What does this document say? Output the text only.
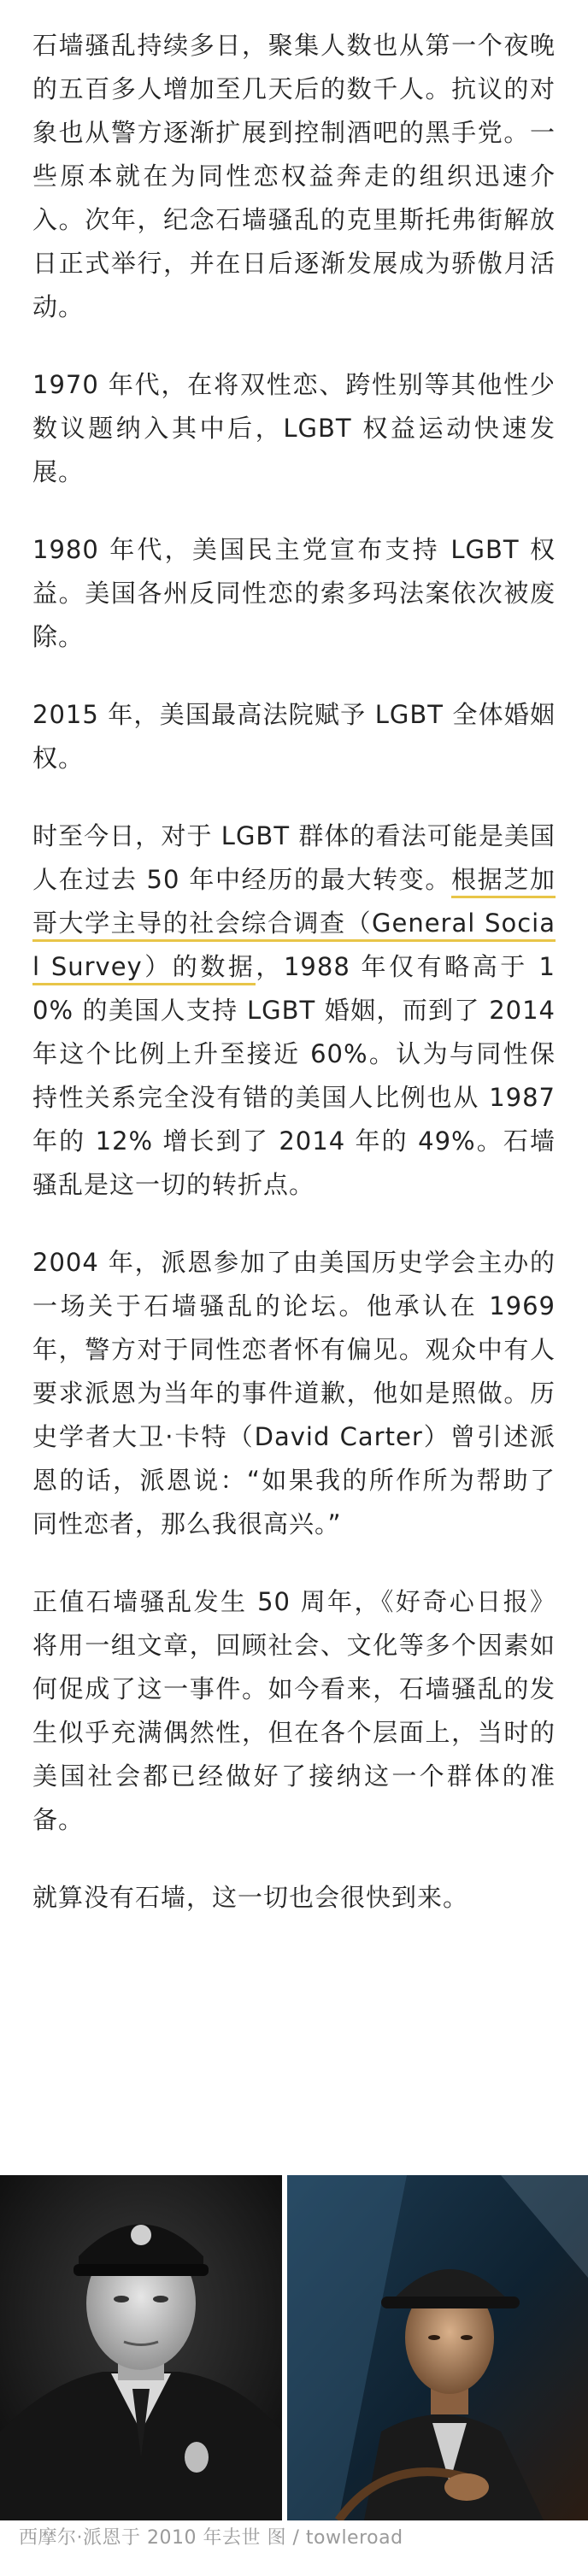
石墙骚乱持续多日，聚集人数也从第一个夜晚的五百多人增加至几天后的数千人。抗议的对象也从警方逐渐扩展到控制酒吧的黑手党。一些原本就在为同性恋权益奔走的组织迅速介入。次年，纪念石墙骚乱的克里斯托弗街解放日正式举行，并在日后逐渐发展成为骄傲月活动。

1970 年代，在将双性恋、跨性别等其他性少数议题纳入其中后，LGBT 权益运动快速发展。

1980 年代，美国民主党宣布支持 LGBT 权益。美国各州反同性恋的索多玛法案依次被废除。

2015 年，美国最高法院赋予 LGBT 全体婚姻权。

时至今日，对于 LGBT 群体的看法可能是美国人在过去 50 年中经历的最大转变。根据芝加哥大学主导的社会综合调查（General Social Survey）的数据，1988 年仅有略高于 10% 的美国人支持 LGBT 婚姻，而到了 2014 年这个比例上升至接近 60%。认为与同性保持性关系完全没有错的美国人比例也从 1987 年的 12% 增长到了 2014 年的 49%。石墙骚乱是这一切的转折点。

2004 年，派恩参加了由美国历史学会主办的一场关于石墙骚乱的论坛。他承认在 1969 年，警方对于同性恋者怀有偏见。观众中有人要求派恩为当年的事件道歉，他如是照做。历史学者大卫·卡特（David Carter）曾引述派恩的话，派恩说：“如果我的所作所为帮助了同性恋者，那么我很高兴。”

正值石墙骚乱发生 50 周年，《好奇心日报》将用一组文章，回顾社会、文化等多个因素如何促成了这一事件。如今看来，石墙骚乱的发生似乎充满偶然性，但在各个层面上，当时的美国社会都已经做好了接纳这一个群体的准备。

就算没有石墙，这一切也会很快到来。

西摩尔·派恩于 2010 年去世 图 / towleroad
